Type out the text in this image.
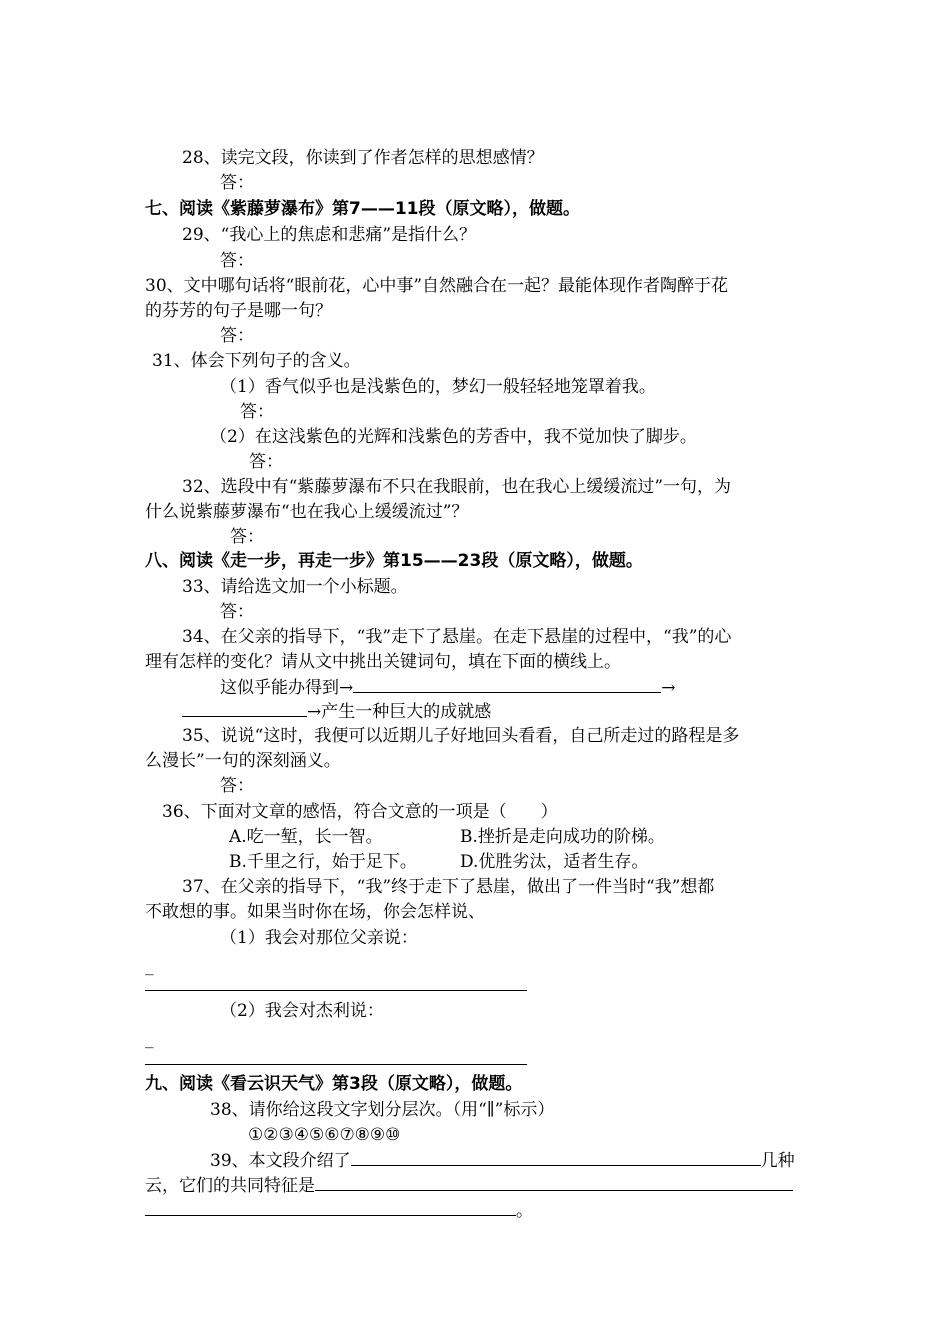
28、读完文段，你读到了作者怎样的思想感情？
答：
七、阅读《紫藤萝瀑布》第7——11段（原文略），做题。
29、“我心上的焦虑和悲痛”是指什么？
答：
30、文中哪句话将“眼前花，心中事”自然融合在一起？最能体现作者陶醉于花
的芬芳的句子是哪一句？
答：
31、体会下列句子的含义。
（1）香气似乎也是浅紫色的，梦幻一般轻轻地笼罩着我。
答：
（2）在这浅紫色的光辉和浅紫色的芳香中，我不觉加快了脚步。
答：
32、选段中有“紫藤萝瀑布不只在我眼前，也在我心上缓缓流过”一句，为
什么说紫藤萝瀑布“也在我心上缓缓流过”？
答：
八、阅读《走一步，再走一步》第15——23段（原文略），做题。
33、请给选文加一个小标题。
答：
34、在父亲的指导下，“我”走下了悬崖。在走下悬崖的过程中，“我”的心
理有怎样的变化？请从文中挑出关键词句，填在下面的横线上。
这似乎能办得到→	→
→产生一种巨大的成就感
35、说说“这时，我便可以近期儿子好地回头看看，自己所走过的路程是多
么漫长”一句的深刻涵义。
答：
36、下面对文章的感悟，符合文意的一项是（　　）
A.吃一堑，长一智。	B.挫折是走向成功的阶梯。
B.千里之行，始于足下。	D.优胜劣汰，适者生存。
37、在父亲的指导下，“我”终于走下了悬崖，做出了一件当时“我”想都
不敢想的事。如果当时你在场，你会怎样说、
（1）我会对那位父亲说：
_
（2）我会对杰利说：
_
九、阅读《看云识天气》第3段（原文略），做题。
38、请你给这段文字划分层次。（用“∥”标示）
①②③④⑤⑥⑦⑧⑨⑩
39、本文段介绍了	几种
云，它们的共同特征是
。
